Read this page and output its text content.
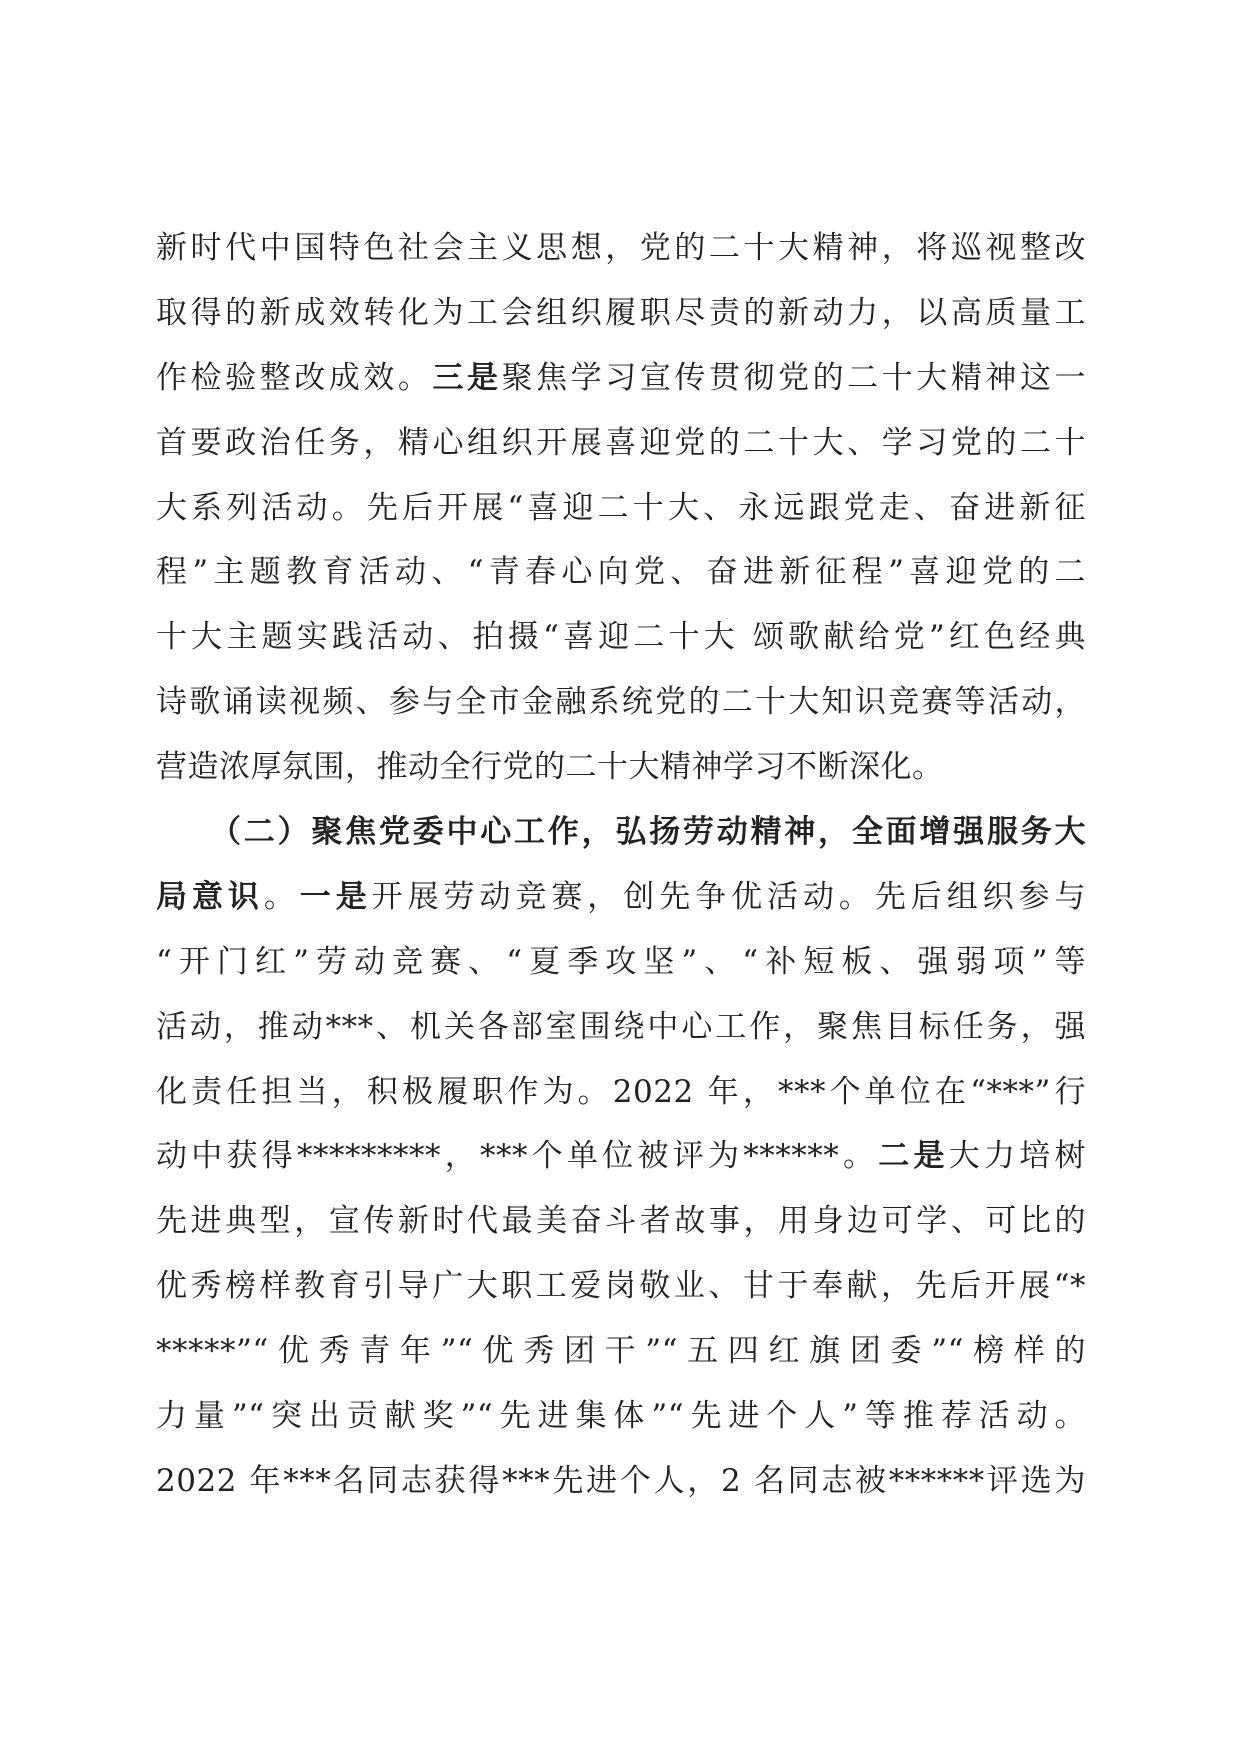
新时代中国特色社会主义思想，党的二十大精神，将巡视整改
取得的新成效转化为工会组织履职尽责的新动力，以高质量工
作检验整改成效。三是聚焦学习宣传贯彻党的二十大精神这一
首要政治任务，精心组织开展喜迎党的二十大、学习党的二十
大系列活动。先后开展“喜迎二十大、永远跟党走、奋进新征
程”主题教育活动、“青春心向党、奋进新征程”喜迎党的二
十大主题实践活动、拍摄“喜迎二十大 颂歌献给党”红色经典
诗歌诵读视频、参与全市金融系统党的二十大知识竞赛等活动，
营造浓厚氛围，推动全行党的二十大精神学习不断深化。
（二）聚焦党委中心工作，弘扬劳动精神，全面增强服务大
局意识。一是开展劳动竞赛，创先争优活动。先后组织参与
“开门红”劳动竞赛、“夏季攻坚”、“补短板、强弱项”等
活动，推动***、机关各部室围绕中心工作，聚焦目标任务，强
化责任担当，积极履职作为。2022 年，***个单位在“***”行
动中获得*********，***个单位被评为******。二是大力培树
先进典型，宣传新时代最美奋斗者故事，用身边可学、可比的
优秀榜样教育引导广大职工爱岗敬业、甘于奉献，先后开展“*
*****”“优秀青年”“优秀团干”“五四红旗团委”“榜样的
力量”“突出贡献奖”“先进集体”“先进个人”等推荐活动。
2022 年***名同志获得***先进个人，2 名同志被******评选为
